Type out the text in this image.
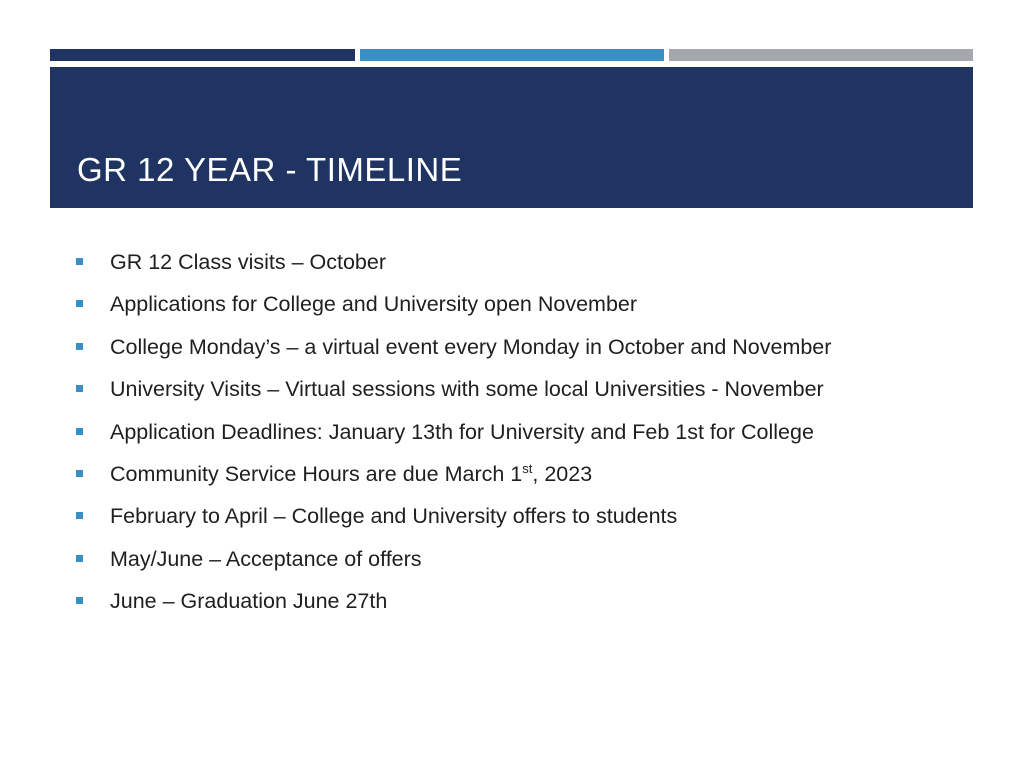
GR 12 YEAR - TIMELINE
GR 12 Class visits – October
Applications for College and University open November
College Monday’s – a virtual event every Monday in October and November
University Visits – Virtual sessions with some local Universities - November
Application Deadlines: January 13th for University and Feb 1st for College
Community Service Hours are due March 1st, 2023
February to April – College and University offers to students
May/June – Acceptance of offers
June – Graduation June 27th
